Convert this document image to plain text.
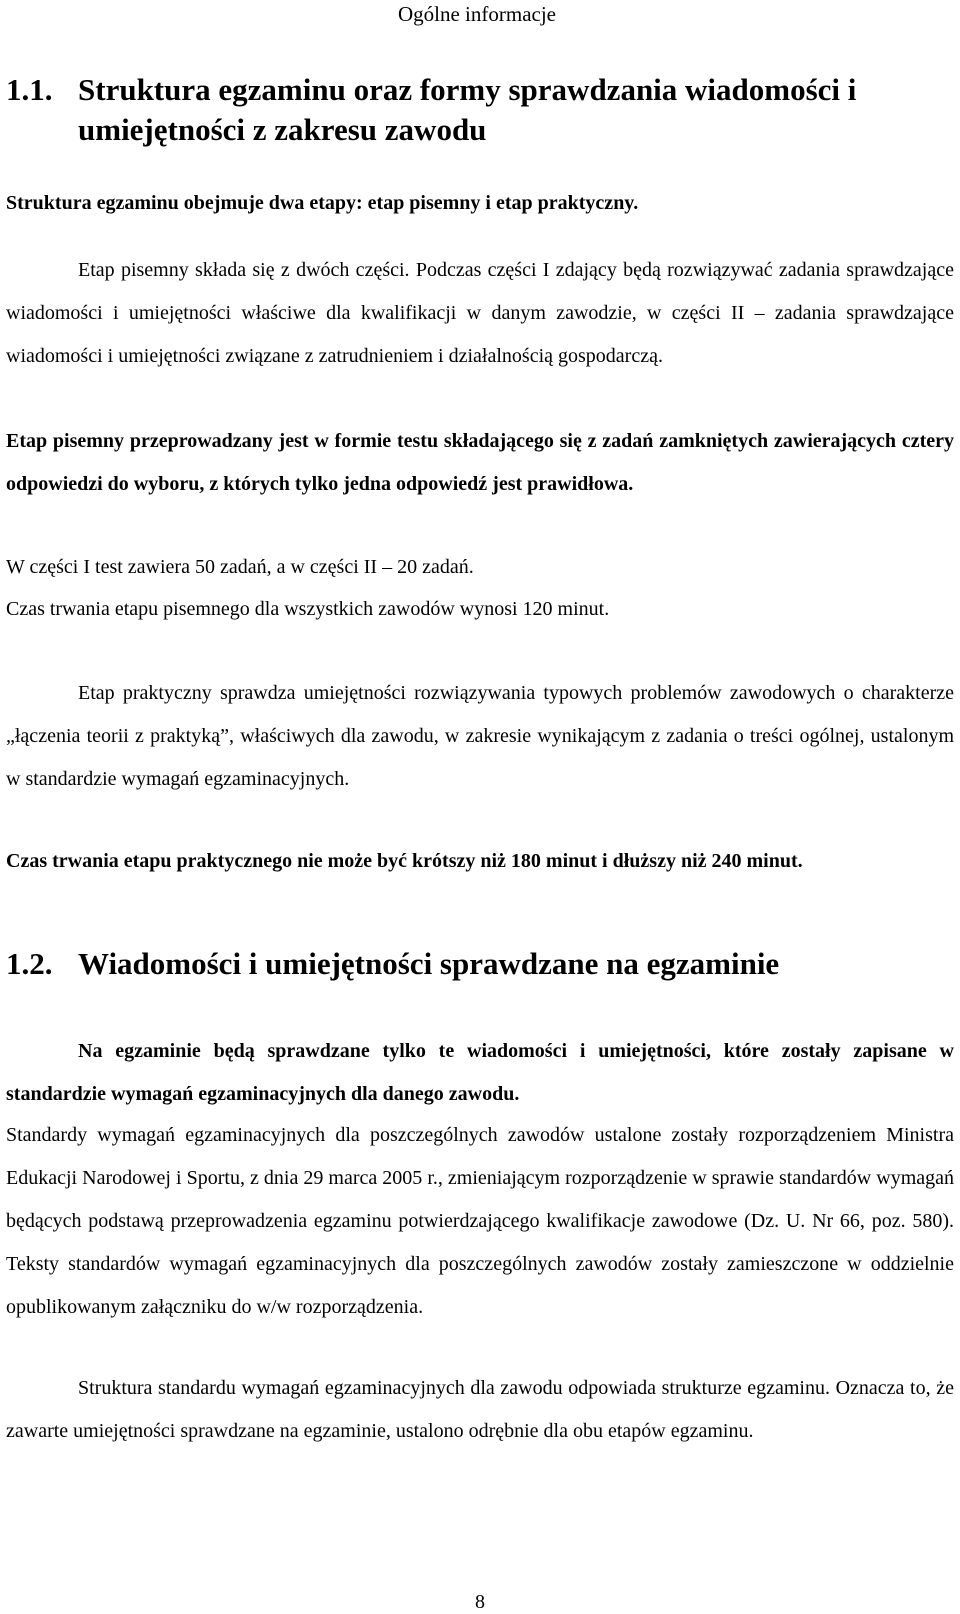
Ogólne informacje
1.1. Struktura egzaminu oraz formy sprawdzania wiadomości i umiejętności z zakresu zawodu

Struktura egzaminu obejmuje dwa etapy: etap pisemny i etap praktyczny.

Etap pisemny składa się z dwóch części. Podczas części I zdający będą rozwiązywać zadania sprawdzające wiadomości i umiejętności właściwe dla kwalifikacji w danym zawodzie, w części II – zadania sprawdzające wiadomości i umiejętności związane z zatrudnieniem i działalnością gospodarczą.

Etap pisemny przeprowadzany jest w formie testu składającego się z zadań zamkniętych zawierających cztery odpowiedzi do wyboru, z których tylko jedna odpowiedź jest prawidłowa.

W części I test zawiera 50 zadań, a w części II – 20 zadań.

Czas trwania etapu pisemnego dla wszystkich zawodów wynosi 120 minut.

Etap praktyczny sprawdza umiejętności rozwiązywania typowych problemów zawodowych o charakterze „łączenia teorii z praktyką”, właściwych dla zawodu, w zakresie wynikającym z zadania o treści ogólnej, ustalonym w standardzie wymagań egzaminacyjnych.

Czas trwania etapu praktycznego nie może być krótszy niż 180 minut i dłuższy niż 240 minut.

1.2. Wiadomości i umiejętności sprawdzane na egzaminie

Na egzaminie będą sprawdzane tylko te wiadomości i umiejętności, które zostały zapisane w standardzie wymagań egzaminacyjnych dla danego zawodu.

Standardy wymagań egzaminacyjnych dla poszczególnych zawodów ustalone zostały rozporządzeniem Ministra Edukacji Narodowej i Sportu, z dnia 29 marca 2005 r., zmieniającym rozporządzenie w sprawie standardów wymagań będących podstawą przeprowadzenia egzaminu potwierdzającego kwalifikacje zawodowe (Dz. U. Nr 66, poz. 580). Teksty standardów wymagań egzaminacyjnych dla poszczególnych zawodów zostały zamieszczone w oddzielnie opublikowanym załączniku do w/w rozporządzenia.

Struktura standardu wymagań egzaminacyjnych dla zawodu odpowiada strukturze egzaminu. Oznacza to, że zawarte umiejętności sprawdzane na egzaminie, ustalono odrębnie dla obu etapów egzaminu.

8
